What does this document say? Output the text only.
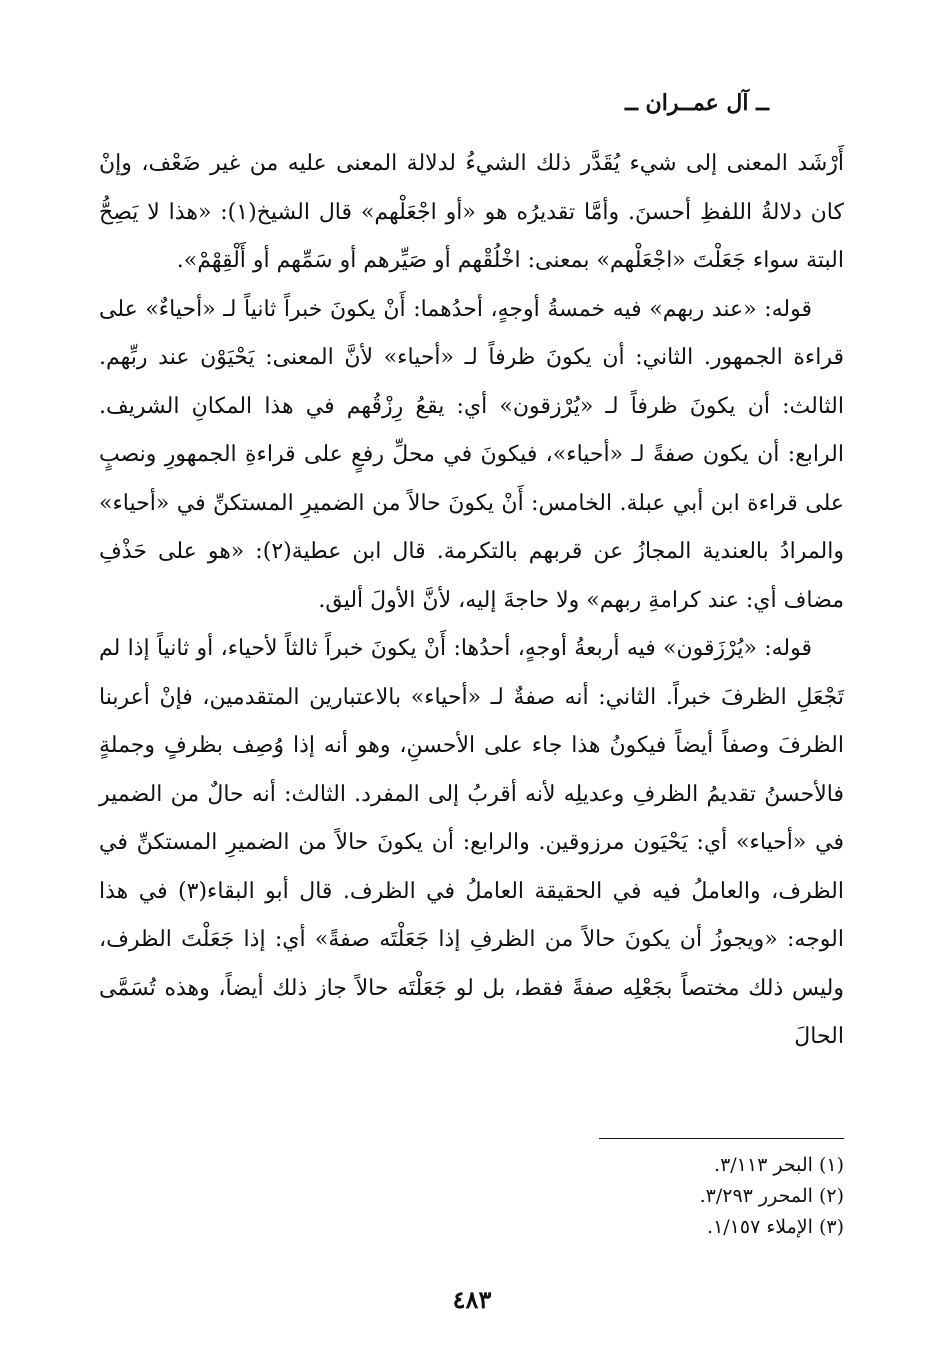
ــ آل عمــران ــ

أَرْشَد المعنى إلى شيء يُقَدَّر ذلك الشيءُ لدلالة المعنى عليه من غير ضَعْف، وإنْ كان دلالةُ اللفظِ أحسنَ. وأمَّا تقديرُه هو «أو اجْعَلْهم» قال الشيخ(١): «هذا لا يَصِحُّ البتة سواء جَعَلْتَ «اجْعَلْهم» بمعنى: اخْلُقْهم أو صَيِّرهم أو سَمِّهم أو أَلْقِهْمْ».

قوله: «عند ربهم» فيه خمسةُ أوجهٍ، أحدُهما: أَنْ يكونَ خبراً ثانياً لـ «أحياءٌ» على قراءة الجمهور. الثاني: أن يكونَ ظرفاً لـ «أحياء» لأنَّ المعنى: يَحْيَوْن عند ربِّهم. الثالث: أن يكونَ ظرفاً لـ «يُرْزقون» أي: يقعُ رِزْقُهم في هذا المكانِ الشريف. الرابع: أن يكون صفةً لـ «أحياء»، فيكونَ في محلِّ رفعٍ على قراءةِ الجمهورِ ونصبٍ على قراءة ابن أبي عبلة. الخامس: أَنْ يكونَ حالاً من الضميرِ المستكنِّ في «أحياء» والمرادُ بالعندية المجازُ عن قربهم بالتكرمة. قال ابن عطية(٢): «هو على حَذْفِ مضاف أي: عند كرامةِ ربهم» ولا حاجةَ إليه، لأنَّ الأولَ أليق.

قوله: «يُرْزَقون» فيه أربعةُ أوجهٍ، أحدُها: أَنْ يكونَ خبراً ثالثاً لأحياء، أو ثانياً إذا لم تَجْعَلِ الظرفَ خبراً. الثاني: أنه صفةٌ لـ «أحياء» بالاعتبارين المتقدمين، فإنْ أعربنا الظرفَ وصفاً أيضاً فيكونُ هذا جاء على الأحسنِ، وهو أنه إذا وُصِف بظرفٍ وجملةٍ فالأحسنُ تقديمُ الظرفِ وعديلِه لأنه أقربُ إلى المفرد. الثالث: أنه حالٌ من الضمير في «أحياء» أي: يَحْيَون مرزوقين. والرابع: أن يكونَ حالاً من الضميرِ المستكنِّ في الظرف، والعاملُ فيه في الحقيقة العاملُ في الظرف. قال أبو البقاء(٣) في هذا الوجه: «ويجوزُ أن يكونَ حالاً من الظرفِ إذا جَعَلْتَه صفةً» أي: إذا جَعَلْتَ الظرف، وليس ذلك مختصاً بجَعْلِه صفةً فقط، بل لو جَعَلْتَه حالاً جاز ذلك أيضاً، وهذه تُسَمَّى الحالَ

(١) البحر ٣/١١٣.
(٢) المحرر ٣/٢٩٣.
(٣) الإملاء ١/١٥٧.
٤٨٣
